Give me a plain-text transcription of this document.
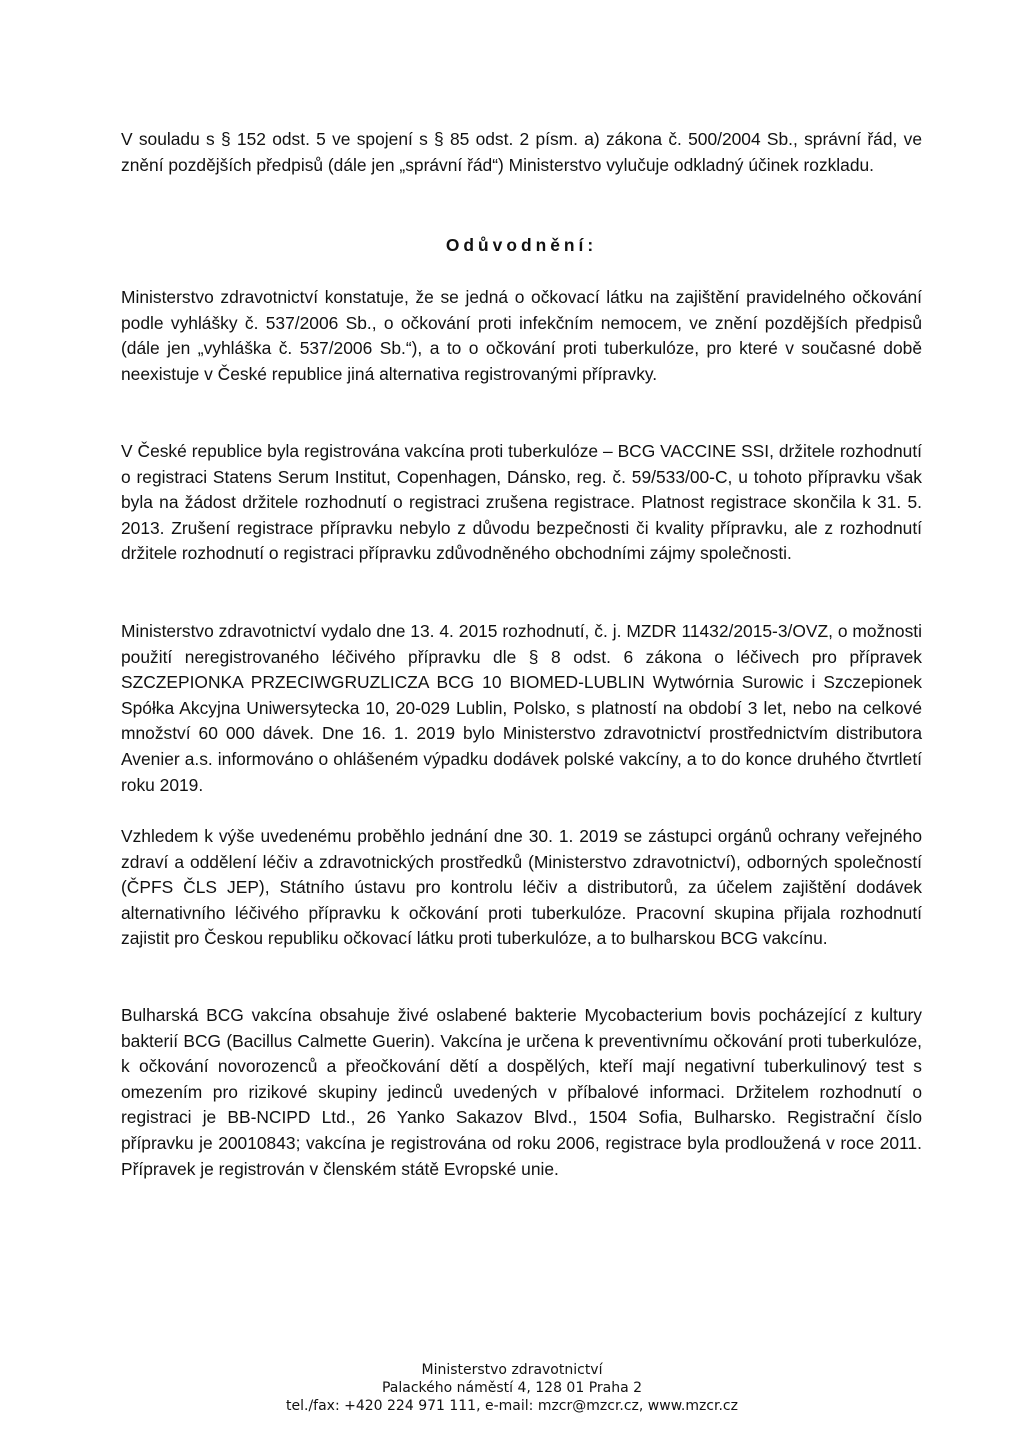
V souladu s § 152 odst. 5 ve spojení s § 85 odst. 2 písm. a) zákona č. 500/2004 Sb., správní řád, ve znění pozdějších předpisů (dále jen „správní řád“) Ministerstvo vylučuje odkladný účinek rozkladu.

Odůvodnění:

Ministerstvo zdravotnictví konstatuje, že se jedná o očkovací látku na zajištění pravidelného očkování podle vyhlášky č. 537/2006 Sb., o očkování proti infekčním nemocem, ve znění pozdějších předpisů (dále jen „vyhláška č. 537/2006 Sb.“), a to o očkování proti tuberkulóze, pro které v současné době neexistuje v České republice jiná alternativa registrovanými přípravky.

V České republice byla registrována vakcína proti tuberkulóze – BCG VACCINE SSI, držitele rozhodnutí o registraci Statens Serum Institut, Copenhagen, Dánsko, reg. č. 59/533/00-C, u tohoto přípravku však byla na žádost držitele rozhodnutí o registraci zrušena registrace. Platnost registrace skončila k 31. 5. 2013. Zrušení registrace přípravku nebylo z důvodu bezpečnosti či kvality přípravku, ale z rozhodnutí držitele rozhodnutí o registraci přípravku zdůvodněného obchodními zájmy společnosti.

Ministerstvo zdravotnictví vydalo dne 13. 4. 2015 rozhodnutí, č. j. MZDR 11432/2015-3/OVZ, o možnosti použití neregistrovaného léčivého přípravku dle § 8 odst. 6 zákona o léčivech pro přípravek SZCZEPIONKA PRZECIWGRUZLICZA BCG 10 BIOMED-LUBLIN Wytwórnia Surowic i Szczepionek Spółka Akcyjna Uniwersytecka 10, 20-029 Lublin, Polsko, s platností na období 3 let, nebo na celkové množství 60 000 dávek. Dne 16. 1. 2019 bylo Ministerstvo zdravotnictví prostřednictvím distributora Avenier a.s. informováno o ohlášeném výpadku dodávek polské vakcíny, a to do konce druhého čtvrtletí roku 2019.

Vzhledem k výše uvedenému proběhlo jednání dne 30. 1. 2019 se zástupci orgánů ochrany veřejného zdraví a oddělení léčiv a zdravotnických prostředků (Ministerstvo zdravotnictví), odborných společností (ČPFS ČLS JEP), Státního ústavu pro kontrolu léčiv a distributorů, za účelem zajištění dodávek alternativního léčivého přípravku k očkování proti tuberkulóze. Pracovní skupina přijala rozhodnutí zajistit pro Českou republiku očkovací látku proti tuberkulóze, a to bulharskou BCG vakcínu.

Bulharská BCG vakcína obsahuje živé oslabené bakterie Mycobacterium bovis pocházející z kultury bakterií BCG (Bacillus Calmette Guerin). Vakcína je určena k preventivnímu očkování proti tuberkulóze, k očkování novorozenců a přeočkování dětí a dospělých, kteří mají negativní tuberkulinový test s omezením pro rizikové skupiny jedinců uvedených v příbalové informaci. Držitelem rozhodnutí o registraci je BB-NCIPD Ltd., 26 Yanko Sakazov Blvd., 1504 Sofia, Bulharsko. Registrační číslo přípravku je 20010843; vakcína je registrována od roku 2006, registrace byla prodloužená v roce 2011. Přípravek je registrován v členském státě Evropské unie.

Ministerstvo zdravotnictví

Palackého náměstí 4, 128 01 Praha 2

tel./fax: +420 224 971 111, e-mail: mzcr@mzcr.cz, www.mzcr.cz
